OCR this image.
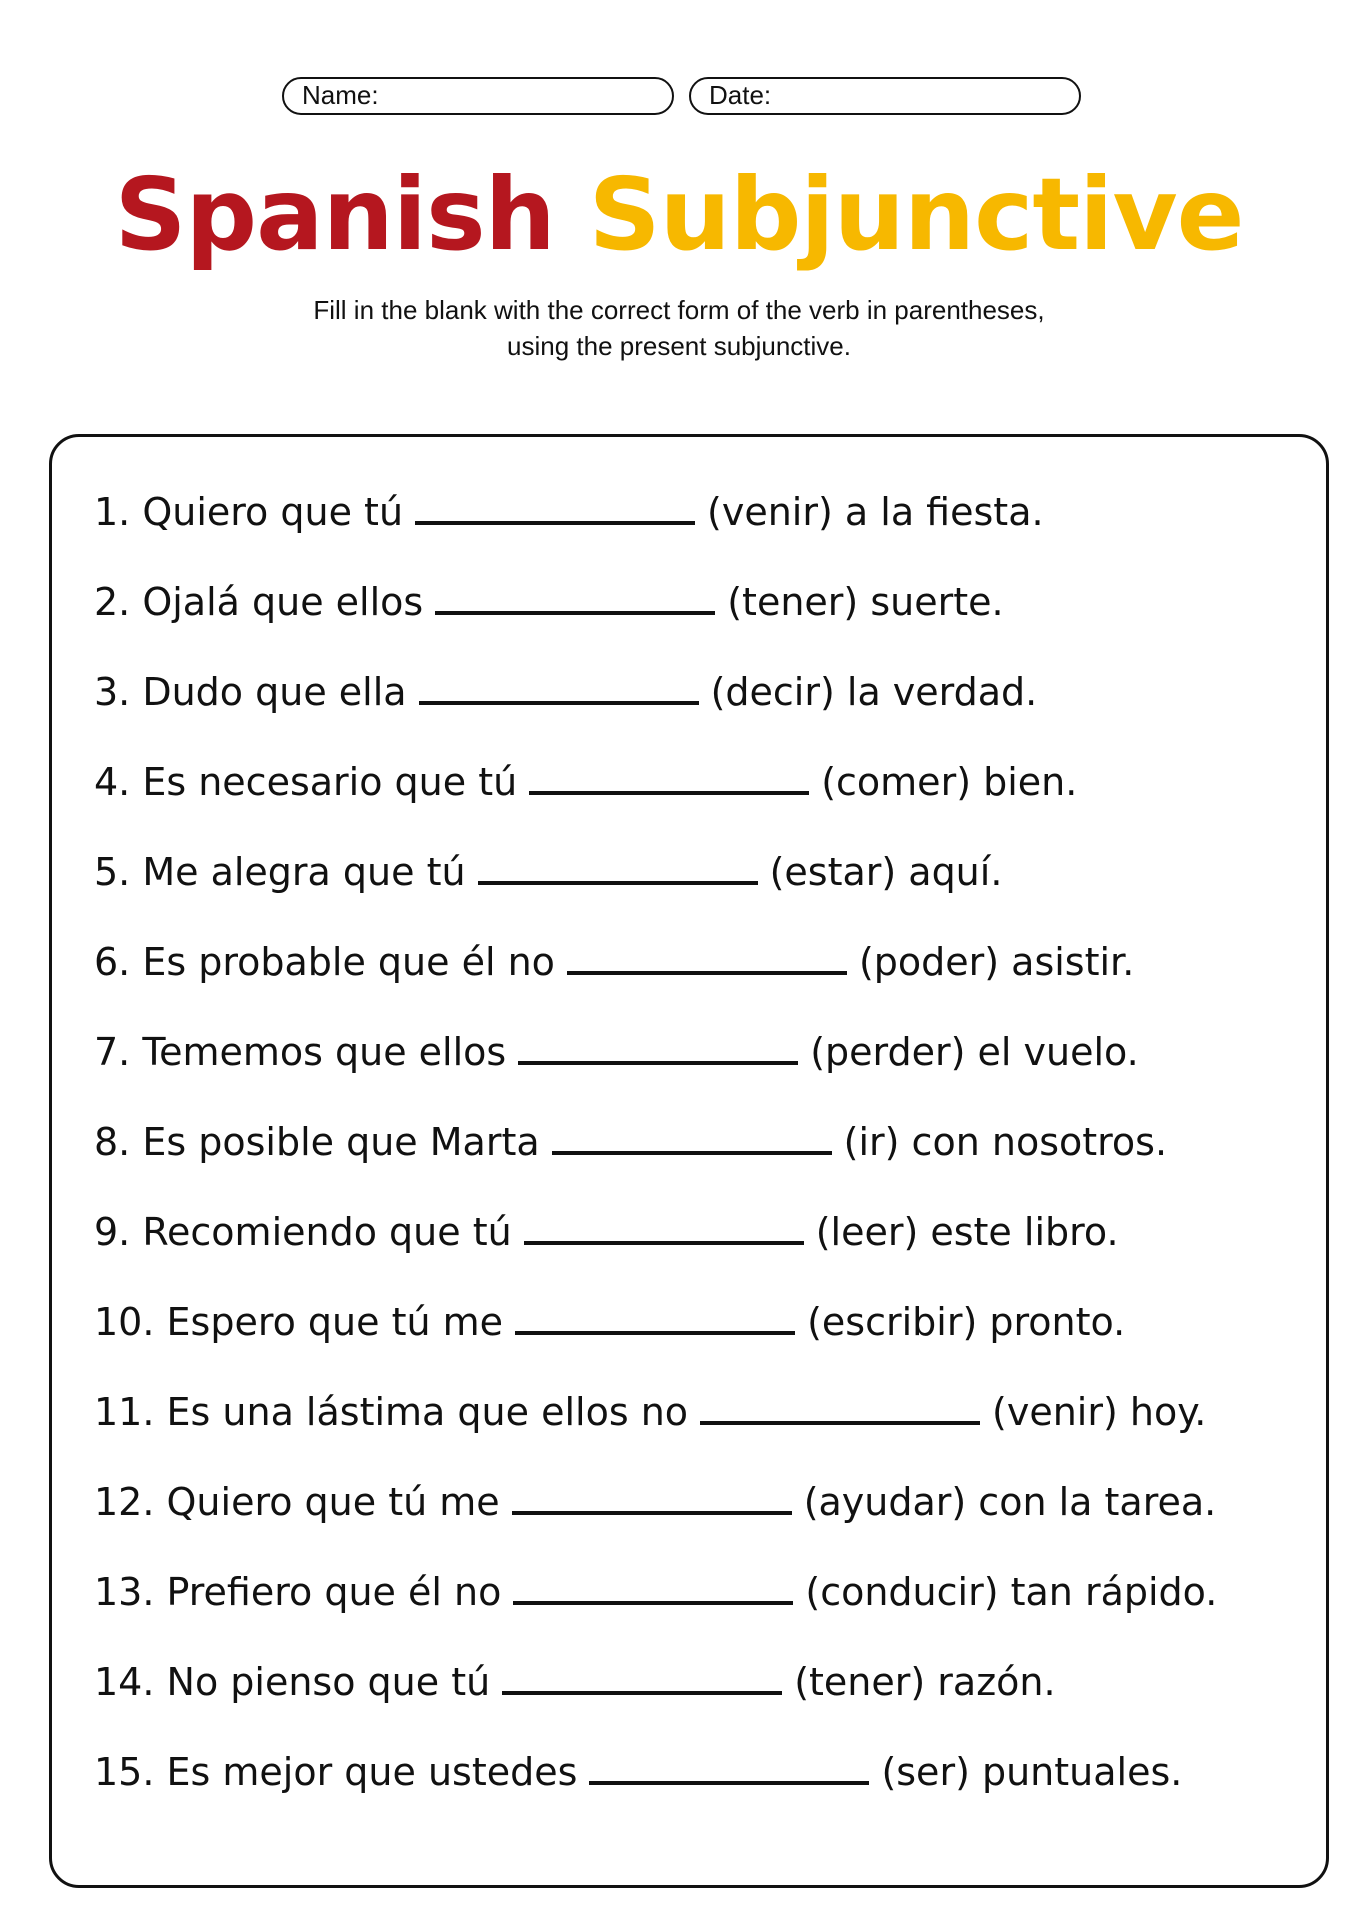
Name:	Date:
Spanish Subjunctive
Fill in the blank with the correct form of the verb in parentheses,
using the present subjunctive.
1. Quiero que tú	(venir) a la fiesta.
2. Ojalá que ellos	(tener) suerte.
3. Dudo que ella	(decir) la verdad.
4. Es necesario que tú	(comer) bien.
5. Me alegra que tú	(estar) aquí.
6. Es probable que él no	(poder) asistir.
7. Tememos que ellos	(perder) el vuelo.
8. Es posible que Marta	(ir) con nosotros.
9. Recomiendo que tú	(leer) este libro.
10. Espero que tú me	(escribir) pronto.
11. Es una lástima que ellos no	(venir) hoy.
12. Quiero que tú me	(ayudar) con la tarea.
13. Prefiero que él no	(conducir) tan rápido.
14. No pienso que tú	(tener) razón.
15. Es mejor que ustedes	(ser) puntuales.
